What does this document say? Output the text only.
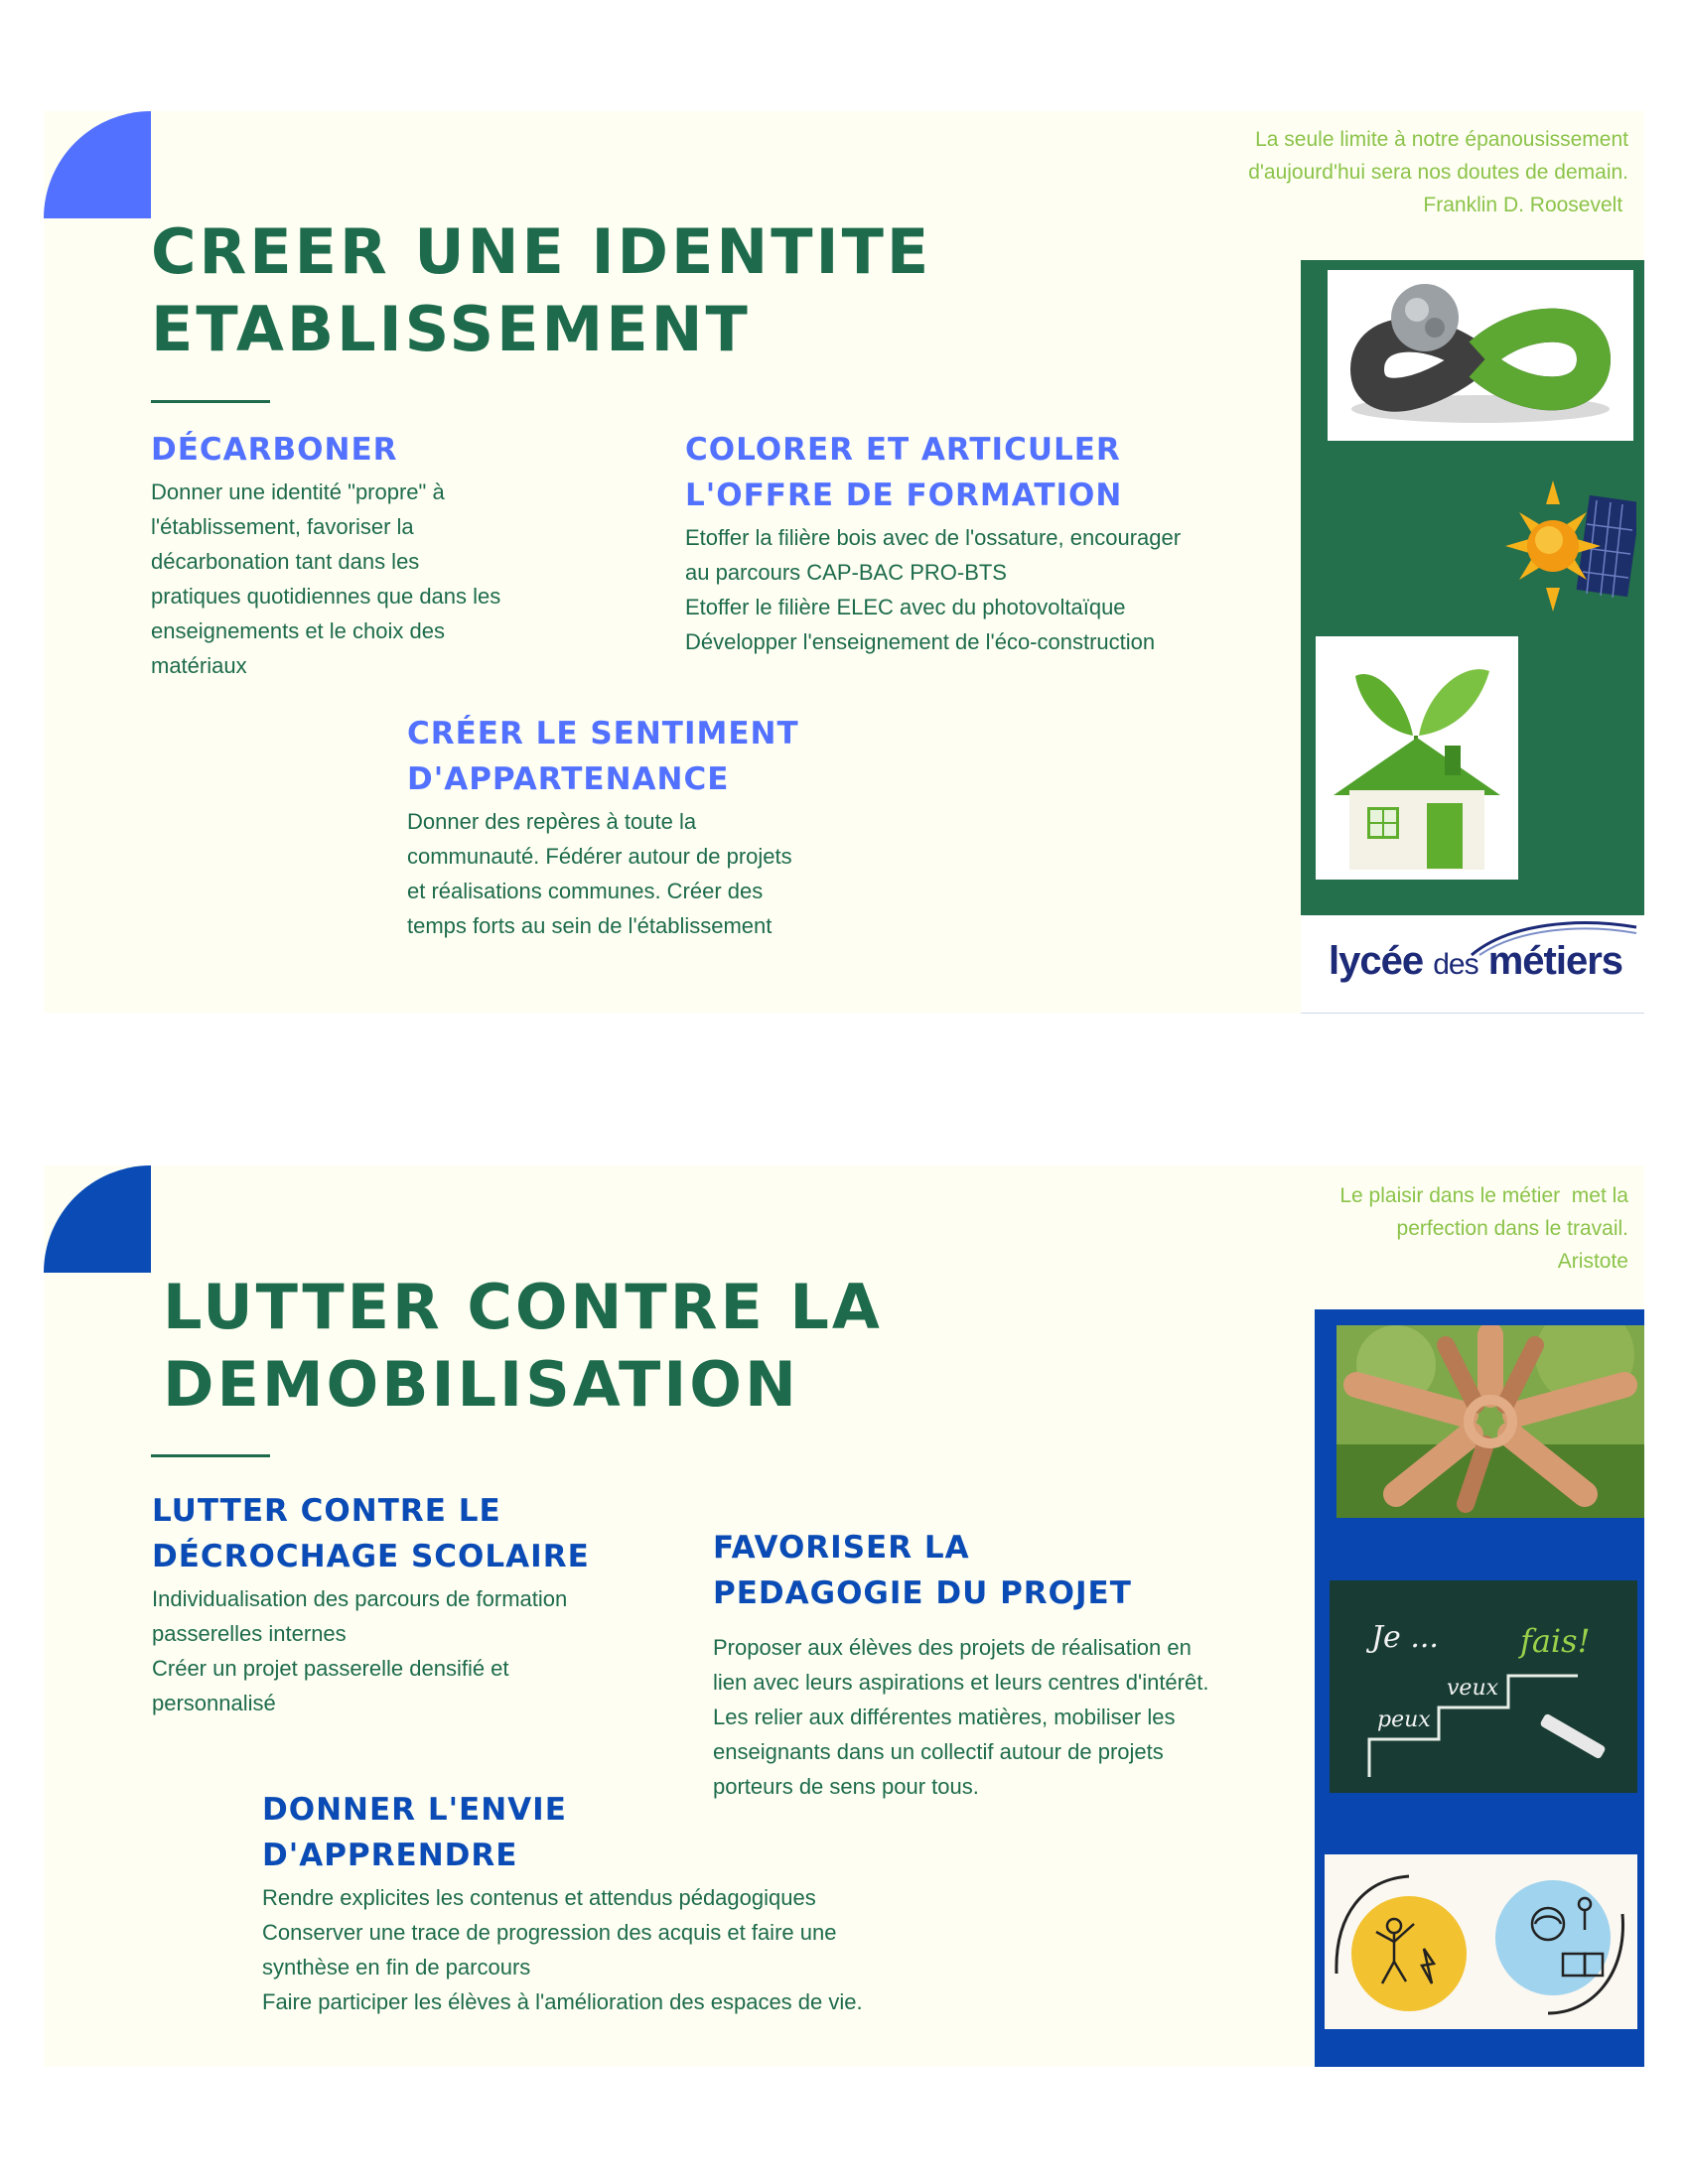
La seule limite à notre épanousissement
d'aujourd'hui sera nos doutes de demain.
Franklin D. Roosevelt
CREER UNE IDENTITE
ETABLISSEMENT
DÉCARBONER
Donner une identité "propre" à
l'établissement, favoriser la
décarbonation tant dans les
pratiques quotidiennes que dans les
enseignements et le choix des
matériaux
COLORER ET ARTICULER
L'OFFRE DE FORMATION
Etoffer la filière bois avec de l'ossature, encourager
au parcours CAP-BAC PRO-BTS
Etoffer le filière ELEC avec du photovoltaïque
Développer l'enseignement de l'éco-construction
CRÉER LE SENTIMENT
D'APPARTENANCE
Donner des repères à toute la
communauté. Fédérer autour de projets
et réalisations communes. Créer des
temps forts au sein de l'établissement
lycée des métiers
Le plaisir dans le métier  met la
perfection dans le travail.
Aristote
LUTTER CONTRE LA
DEMOBILISATION
LUTTER CONTRE LE
DÉCROCHAGE SCOLAIRE
Individualisation des parcours de formation
passerelles internes
Créer un projet passerelle densifié et
personnalisé
FAVORISER LA
PEDAGOGIE DU PROJET
Proposer aux élèves des projets de réalisation en
lien avec leurs aspirations et leurs centres d'intérêt.
Les relier aux différentes matières, mobiliser les
enseignants dans un collectif autour de projets
porteurs de sens pour tous.
DONNER L'ENVIE
D'APPRENDRE
Rendre explicites les contenus et attendus pédagogiques
Conserver une trace de progression des acquis et faire une
synthèse en fin de parcours
Faire participer les élèves à l'amélioration des espaces de vie.
peux
veux
Je ...	fais!
